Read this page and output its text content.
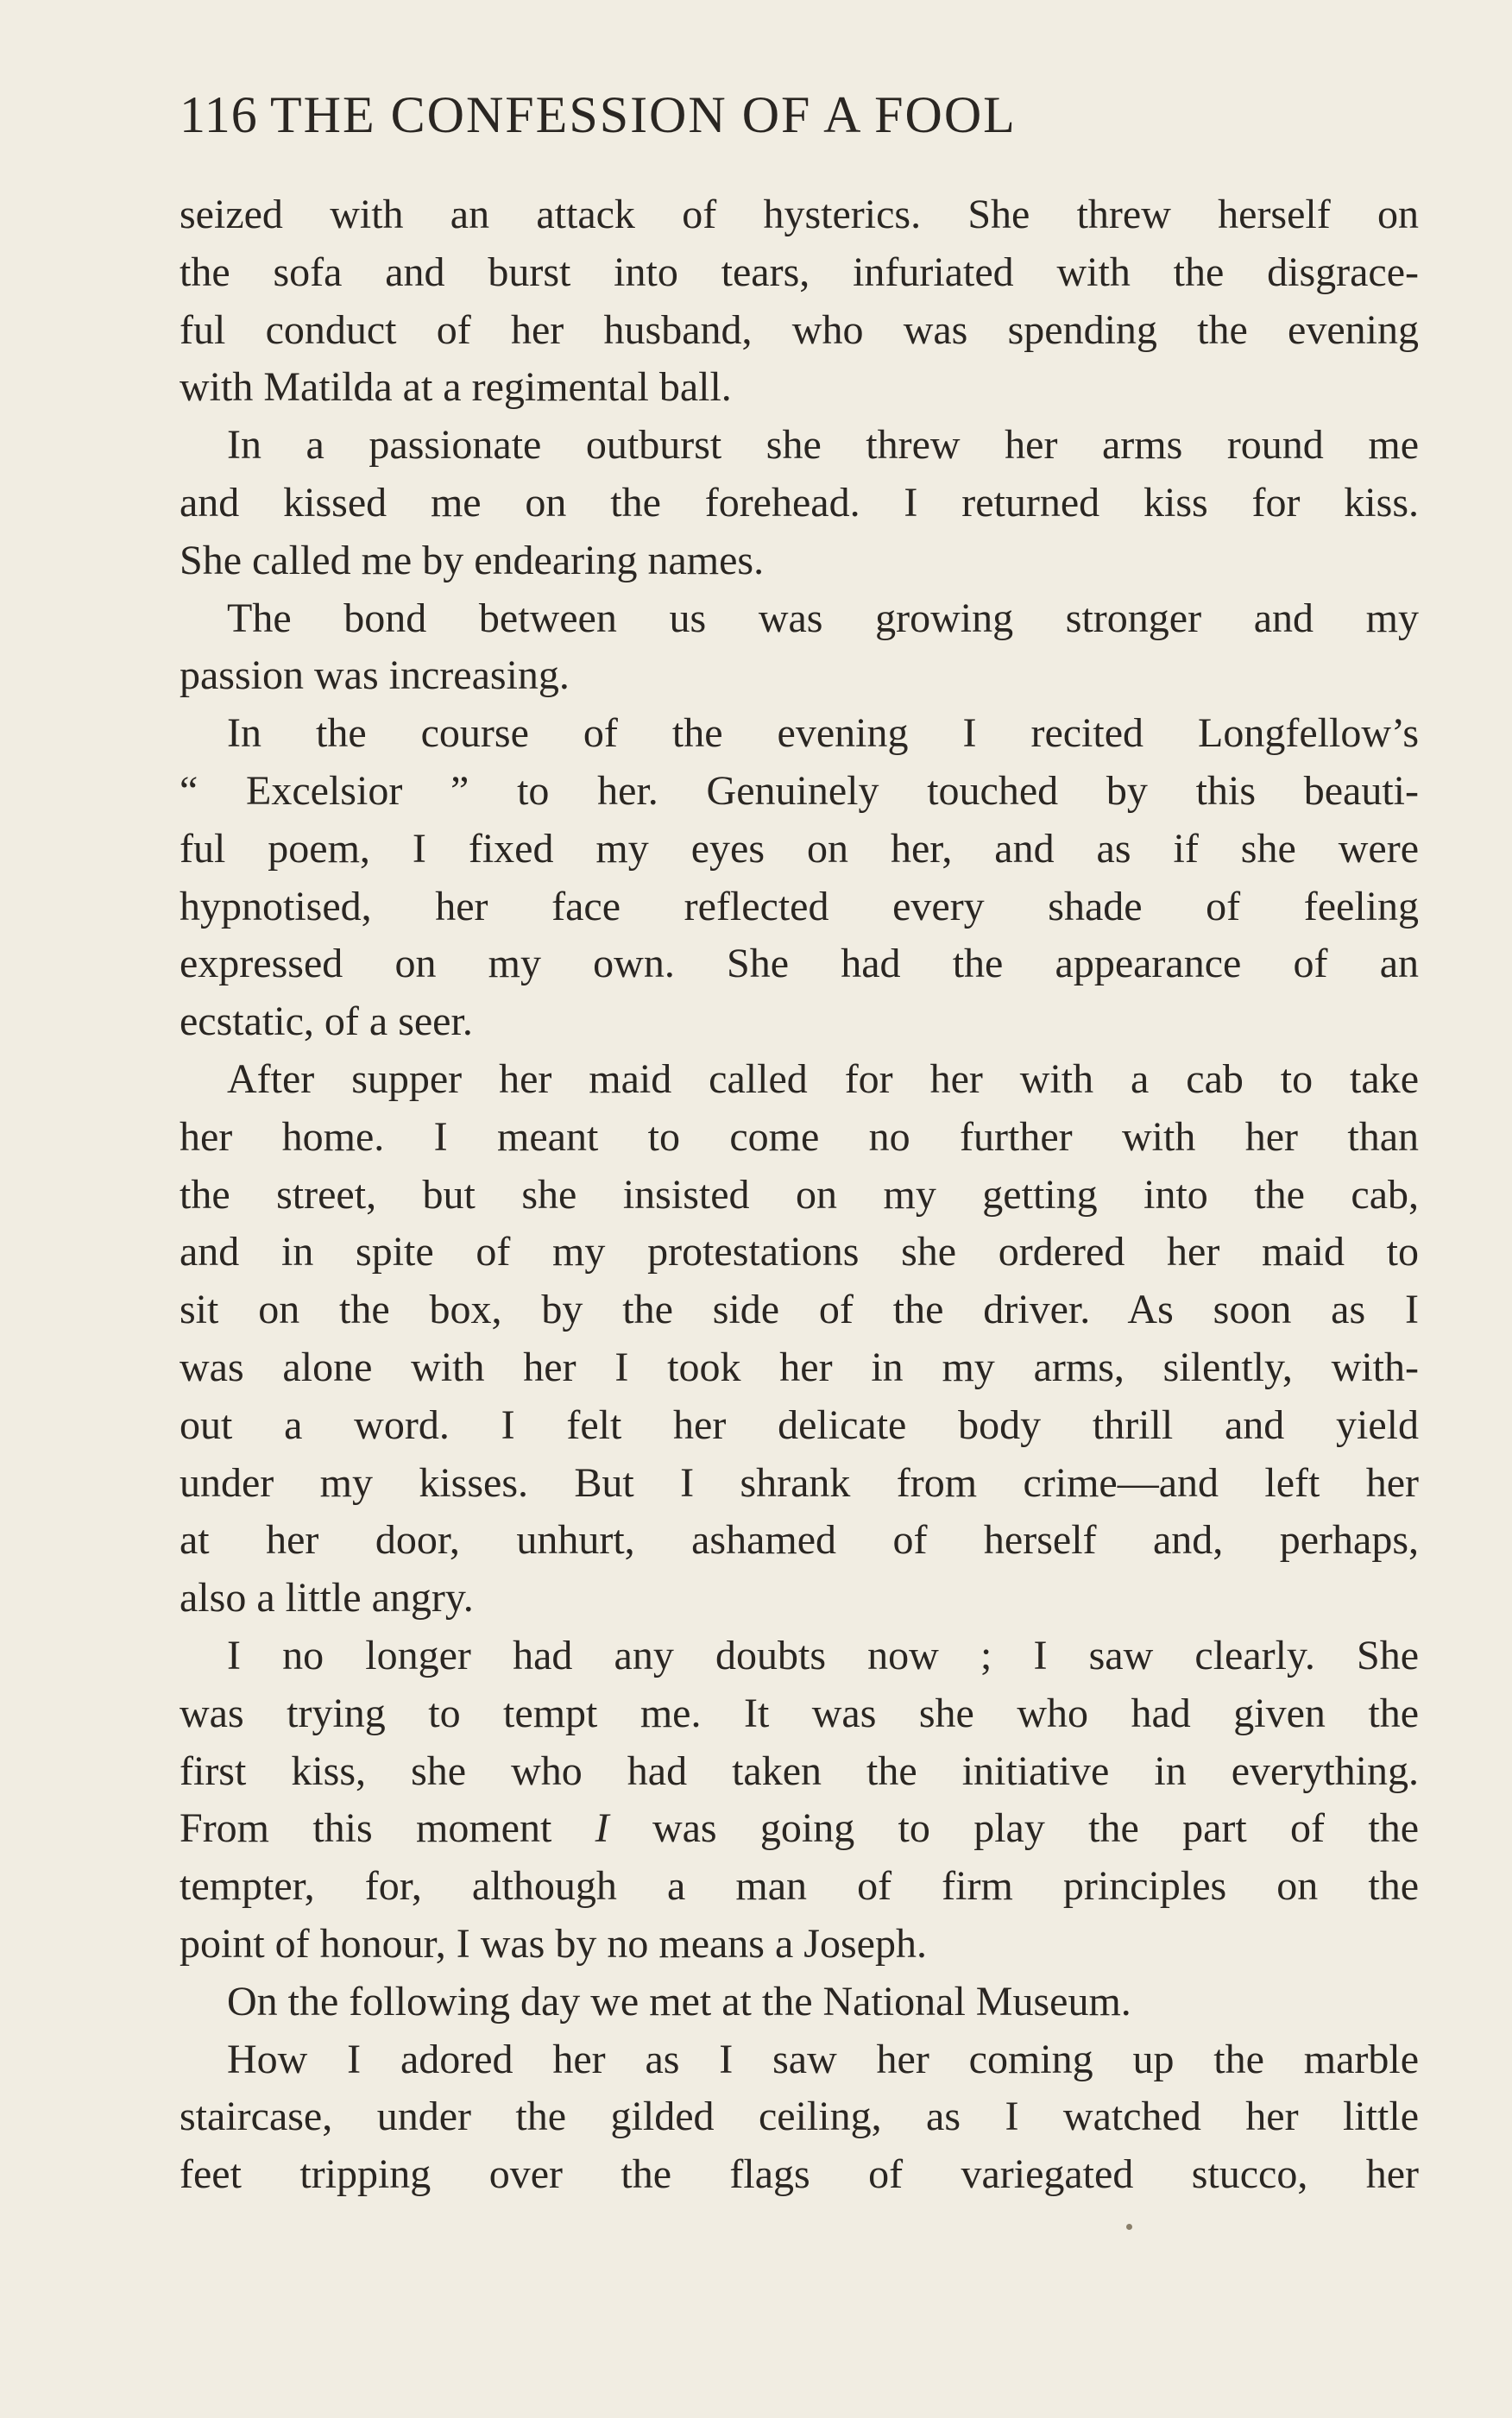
116 THE CONFESSION OF A FOOL
seized with an attack of hysterics. She threw herself on
the sofa and burst into tears, infuriated with the disgrace-
ful conduct of her husband, who was spending the evening
with Matilda at a regimental ball.
In a passionate outburst she threw her arms round me
and kissed me on the forehead. I returned kiss for kiss.
She called me by endearing names.
The bond between us was growing stronger and my
passion was increasing.
In the course of the evening I recited Longfellow’s
“ Excelsior ” to her. Genuinely touched by this beauti-
ful poem, I fixed my eyes on her, and as if she were
hypnotised, her face reflected every shade of feeling
expressed on my own. She had the appearance of an
ecstatic, of a seer.
After supper her maid called for her with a cab to take
her home. I meant to come no further with her than
the street, but she insisted on my getting into the cab,
and in spite of my protestations she ordered her maid to
sit on the box, by the side of the driver. As soon as I
was alone with her I took her in my arms, silently, with-
out a word. I felt her delicate body thrill and yield
under my kisses. But I shrank from crime—and left her
at her door, unhurt, ashamed of herself and, perhaps,
also a little angry.
I no longer had any doubts now ; I saw clearly. She
was trying to tempt me. It was she who had given the
first kiss, she who had taken the initiative in everything.
From this moment I was going to play the part of the
tempter, for, although a man of firm principles on the
point of honour, I was by no means a Joseph.
On the following day we met at the National Museum.
How I adored her as I saw her coming up the marble
staircase, under the gilded ceiling, as I watched her little
feet tripping over the flags of variegated stucco, her
